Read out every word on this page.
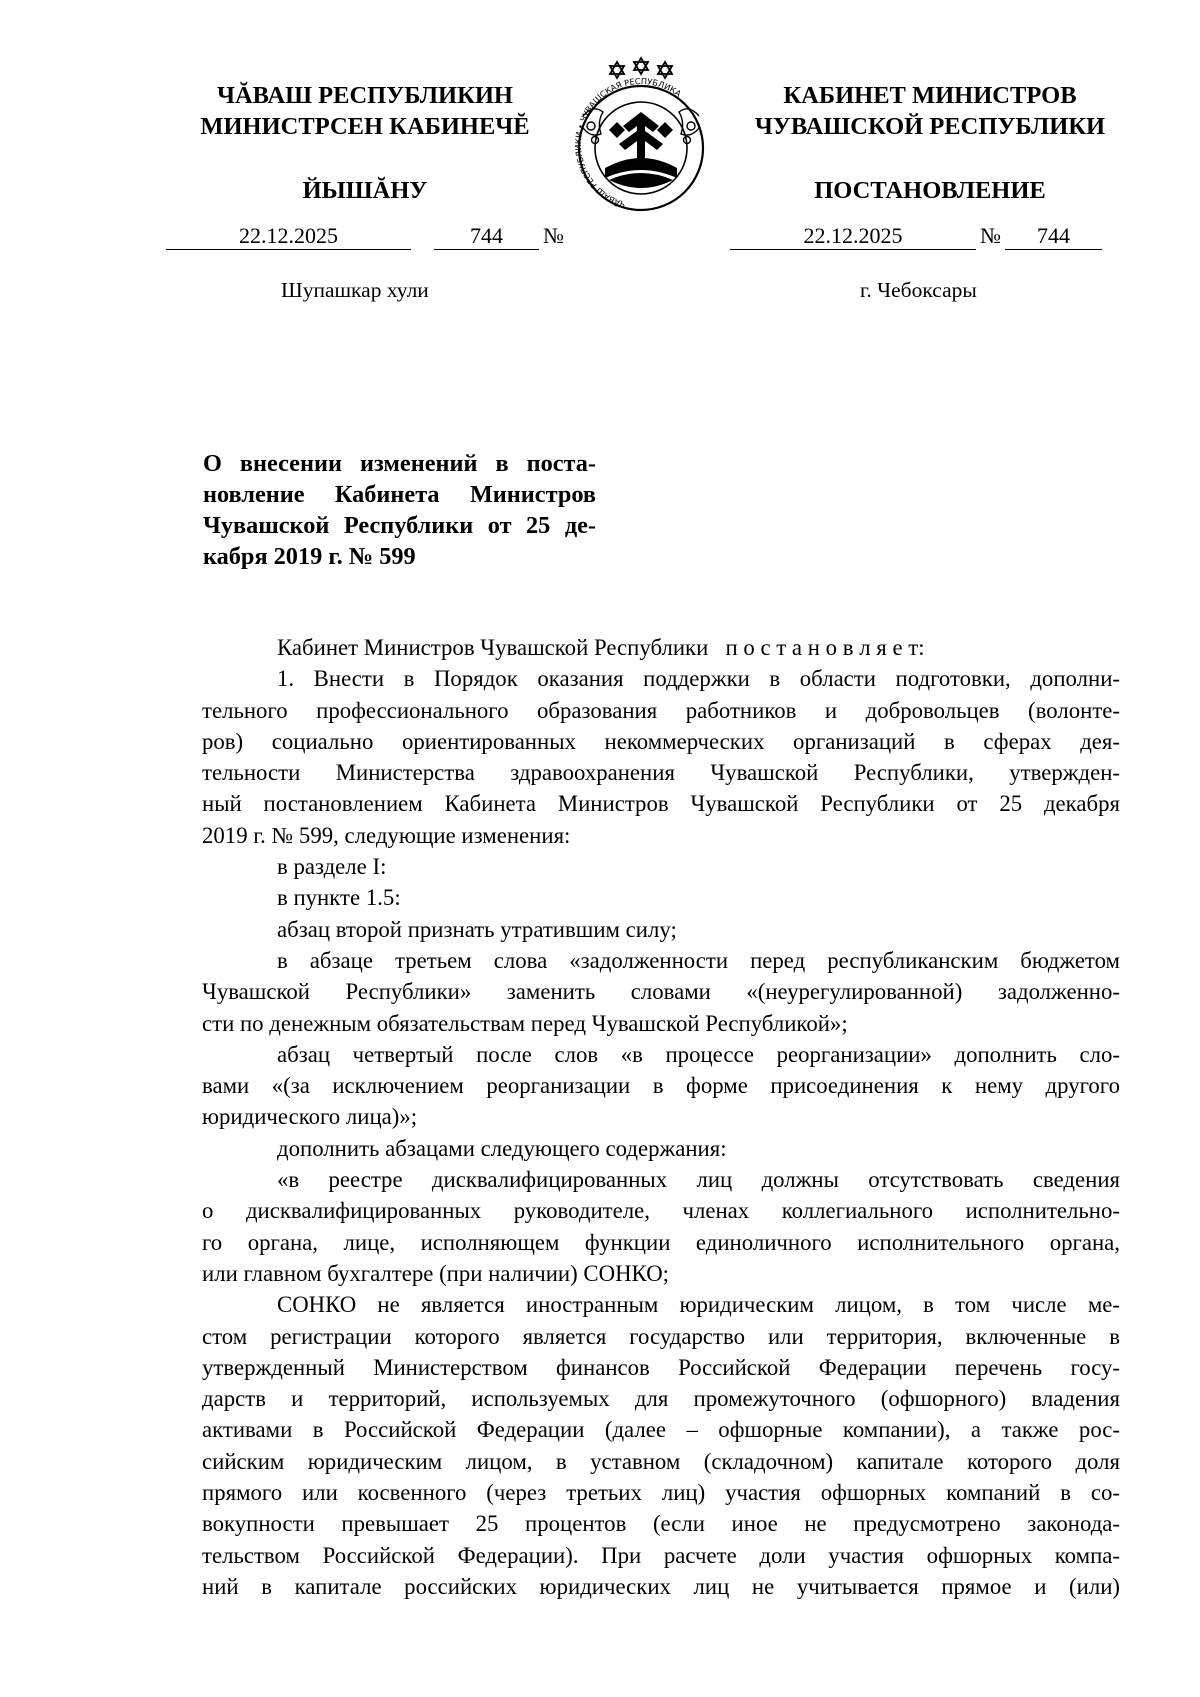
ЧĂВАШ РЕСПУБЛИКИН
МИНИСТРСЕН КАБИНЕЧĔ
ЙЫШĂНУ
ЧĂВАШ РЕСПУБЛИКИ • ЧУВАШСКАЯ РЕСПУБЛИКА	КАБИНЕТ МИНИСТРОВ
ЧУВАШСКОЙ РЕСПУБЛИКИ
ПОСТАНОВЛЕНИЕ
22.12.2025	744 №	22.12.2025	№ 744
Шупашкар хули	г. Чебоксары
О внесении изменений в поста-
новление Кабинета Министров
Чувашской Республики от 25 де-
кабря 2019 г. № 599
Кабинет Министров Чувашской Республики п о с т а н о в л я е т:
1. Внести в Порядок оказания поддержки в области подготовки, дополни-
тельного профессионального образования работников и добровольцев (волонте-
ров) социально ориентированных некоммерческих организаций в сферах дея-
тельности Министерства здравоохранения Чувашской Республики, утвержден-
ный постановлением Кабинета Министров Чувашской Республики от 25 декабря
2019 г. № 599, следующие изменения:
в разделе I:
в пункте 1.5:
абзац второй признать утратившим силу;
в абзаце третьем слова «задолженности перед республиканским бюджетом
Чувашской Республики» заменить словами «(неурегулированной) задолженно-
сти по денежным обязательствам перед Чувашской Республикой»;
абзац четвертый после слов «в процессе реорганизации» дополнить сло-
вами «(за исключением реорганизации в форме присоединения к нему другого
юридического лица)»;
дополнить абзацами следующего содержания:
«в реестре дисквалифицированных лиц должны отсутствовать сведения
о дисквалифицированных руководителе, членах коллегиального исполнительно-
го органа, лице, исполняющем функции единоличного исполнительного органа,
или главном бухгалтере (при наличии) СОНКО;
СОНКО не является иностранным юридическим лицом, в том числе ме-
стом регистрации которого является государство или территория, включенные в
утвержденный Министерством финансов Российской Федерации перечень госу-
дарств и территорий, используемых для промежуточного (офшорного) владения
активами в Российской Федерации (далее – офшорные компании), а также рос-
сийским юридическим лицом, в уставном (складочном) капитале которого доля
прямого или косвенного (через третьих лиц) участия офшорных компаний в со-
вокупности превышает 25 процентов (если иное не предусмотрено законода-
тельством Российской Федерации). При расчете доли участия офшорных компа-
ний в капитале российских юридических лиц не учитывается прямое и (или)
